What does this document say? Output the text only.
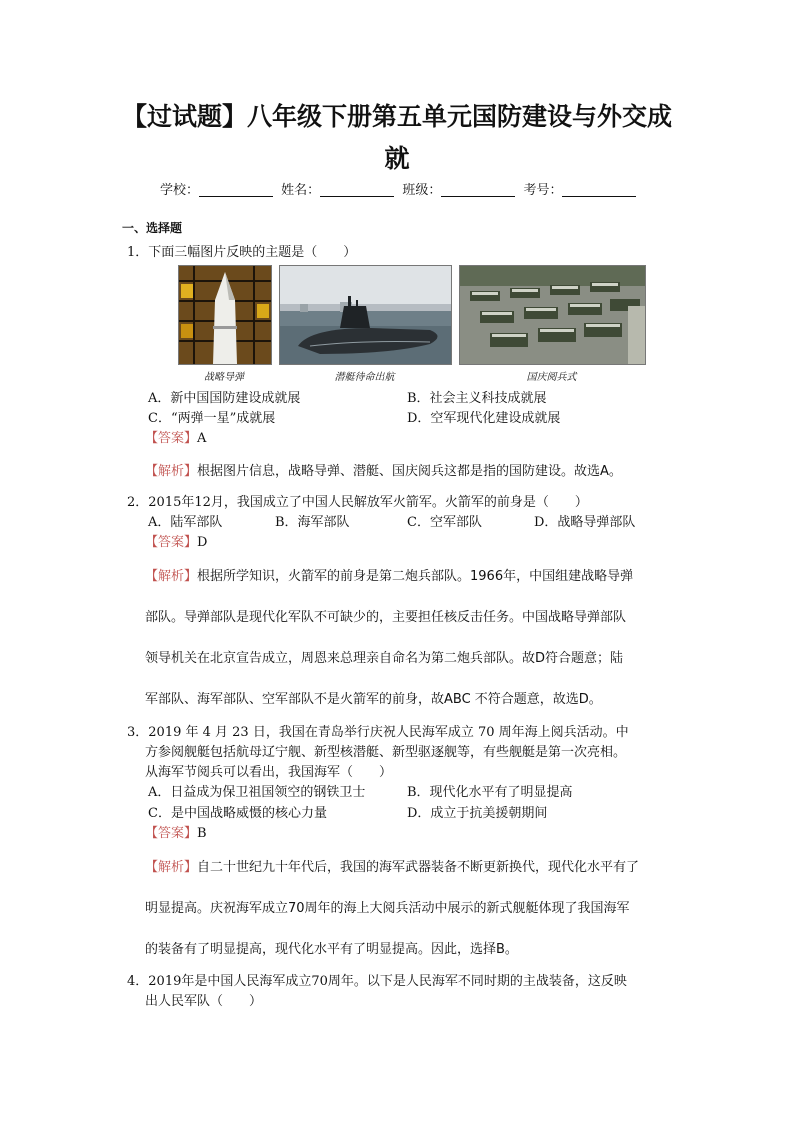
【过试题】八年级下册第五单元国防建设与外交成
就
学校：	姓名：	班级：	考号：
一、选择题
1．下面三幅图片反映的主题是（　　）
战略导弹	潜艇待命出航	国庆阅兵式
A．新中国国防建设成就展	B．社会主义科技成就展
C．“两弹一星”成就展	D．空军现代化建设成就展
【答案】A
【解析】根据图片信息，战略导弹、潜艇、国庆阅兵这都是指的国防建设。故选A。
2．2015年12月，我国成立了中国人民解放军火箭军。火箭军的前身是（　　）
A．陆军部队	B．海军部队	C．空军部队	D．战略导弹部队
【答案】D
【解析】根据所学知识，火箭军的前身是第二炮兵部队。1966年，中国组建战略导弹
部队。导弹部队是现代化军队不可缺少的，主要担任核反击任务。中国战略导弹部队
领导机关在北京宣告成立，周恩来总理亲自命名为第二炮兵部队。故D符合题意；陆
军部队、海军部队、空军部队不是火箭军的前身，故ABC 不符合题意，故选D。
3．2019 年 4 月 23 日，我国在青岛举行庆祝人民海军成立 70 周年海上阅兵活动。中
方参阅舰艇包括航母辽宁舰、新型核潜艇、新型驱逐舰等，有些舰艇是第一次亮相。
从海军节阅兵可以看出，我国海军（　　）
A．日益成为保卫祖国领空的钢铁卫士	B．现代化水平有了明显提高
C．是中国战略威慑的核心力量	D．成立于抗美援朝期间
【答案】B
【解析】自二十世纪九十年代后，我国的海军武器装备不断更新换代，现代化水平有了
明显提高。庆祝海军成立70周年的海上大阅兵活动中展示的新式舰艇体现了我国海军
的装备有了明显提高，现代化水平有了明显提高。因此，选择B。
4．2019年是中国人民海军成立70周年。以下是人民海军不同时期的主战装备，这反映
出人民军队（　　）
